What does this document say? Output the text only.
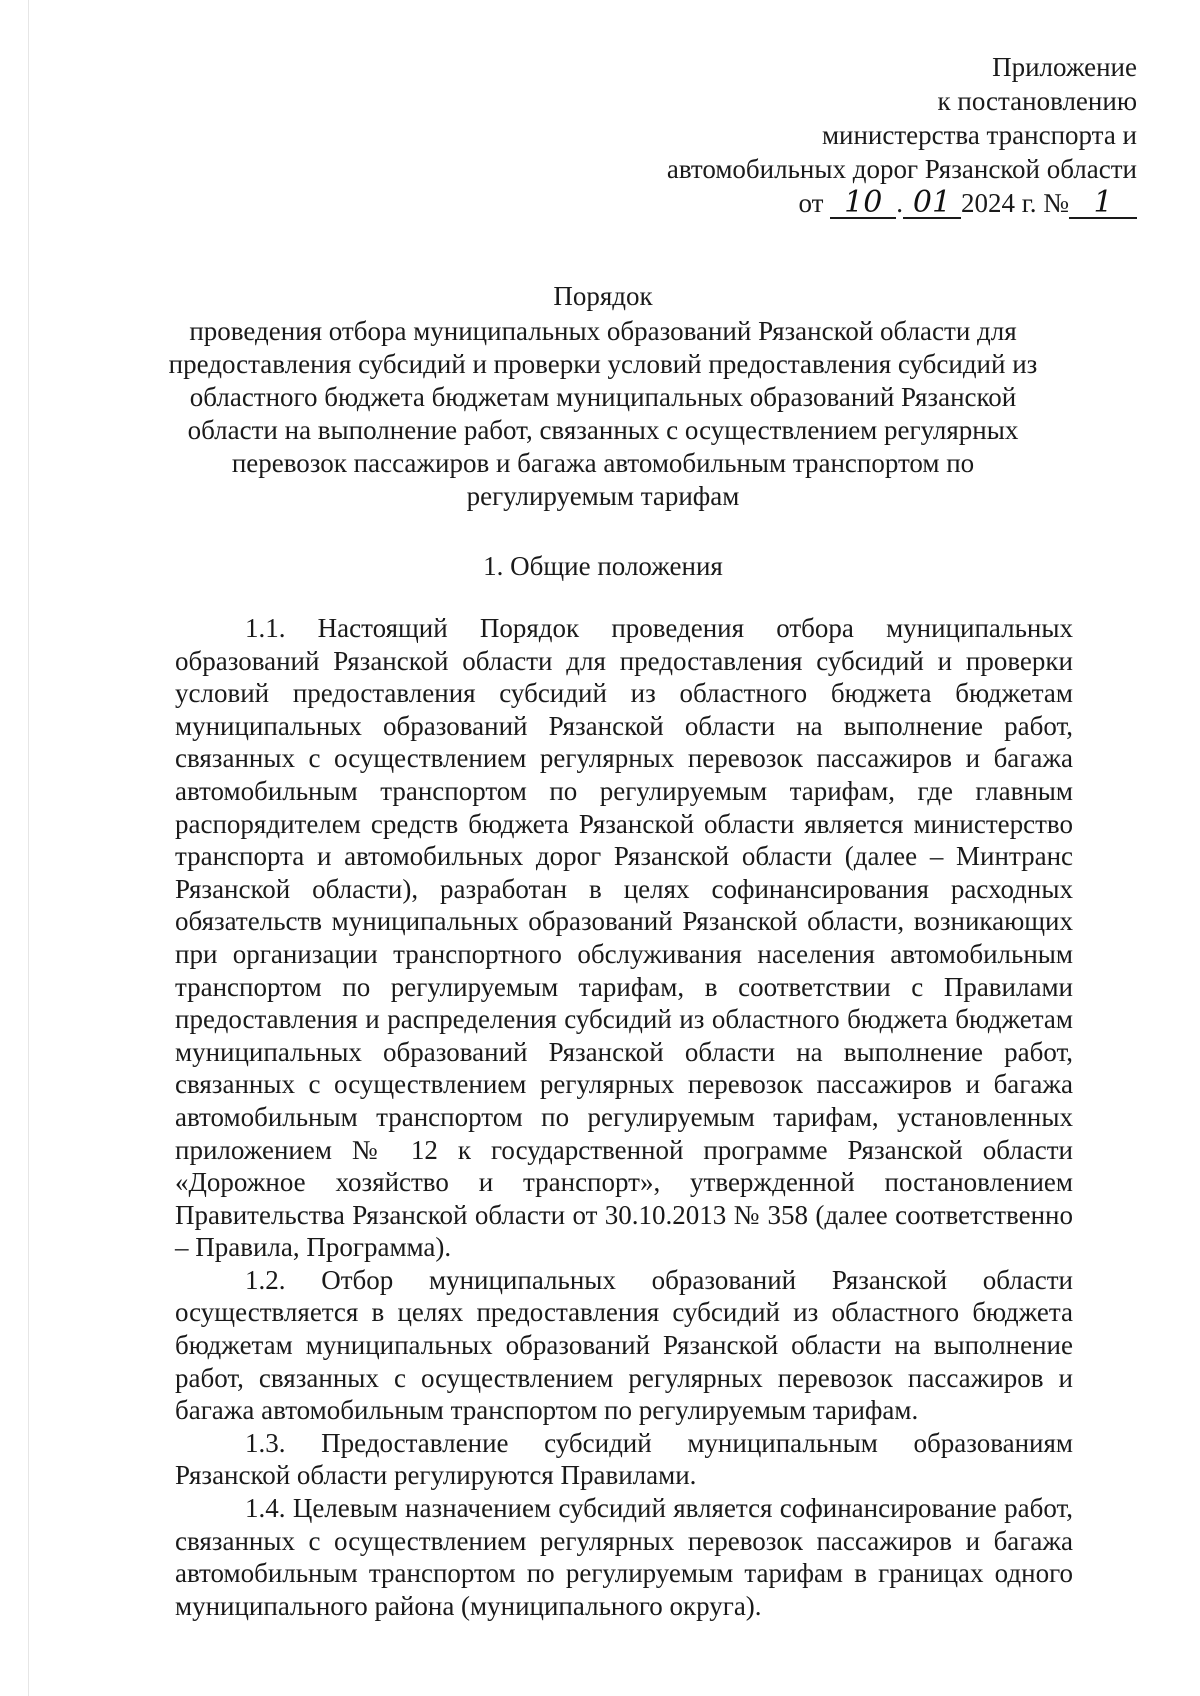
Приложение
к постановлению
министерства транспорта и
автомобильных дорог Рязанской области
от 10 . 01 2024 г. № 1
Порядок
проведения отбора муниципальных образований Рязанской области для предоставления субсидий и проверки условий предоставления субсидий из областного бюджета бюджетам муниципальных образований Рязанской области на выполнение работ, связанных с осуществлением регулярных перевозок пассажиров и багажа автомобильным транспортом по регулируемым тарифам
1. Общие положения

1.1. Настоящий Порядок проведения отбора муниципальных образований Рязанской области для предоставления субсидий и проверки условий предоставления субсидий из областного бюджета бюджетам муниципальных образований Рязанской области на выполнение работ, связанных с осуществлением регулярных перевозок пассажиров и багажа автомобильным транспортом по регулируемым тарифам, где главным распорядителем средств бюджета Рязанской области является министерство транспорта и автомобильных дорог Рязанской области (далее – Минтранс Рязанской области), разработан в целях софинансирования расходных обязательств муниципальных образований Рязанской области, возникающих при организации транспортного обслуживания населения автомобильным транспортом по регулируемым тарифам, в соответствии с Правилами предоставления и распределения субсидий из областного бюджета бюджетам муниципальных образований Рязанской области на выполнение работ, связанных с осуществлением регулярных перевозок пассажиров и багажа автомобильным транспортом по регулируемым тарифам, установленных приложением № 12 к государственной программе Рязанской области «Дорожное хозяйство и транспорт», утвержденной постановлением Правительства Рязанской области от 30.10.2013 № 358 (далее соответственно – Правила, Программа).

1.2. Отбор муниципальных образований Рязанской области осуществляется в целях предоставления субсидий из областного бюджета бюджетам муниципальных образований Рязанской области на выполнение работ, связанных с осуществлением регулярных перевозок пассажиров и багажа автомобильным транспортом по регулируемым тарифам.

1.3. Предоставление субсидий муниципальным образованиям Рязанской области регулируются Правилами.

1.4. Целевым назначением субсидий является софинансирование работ, связанных с осуществлением регулярных перевозок пассажиров и багажа автомобильным транспортом по регулируемым тарифам в границах одного муниципального района (муниципального округа).
